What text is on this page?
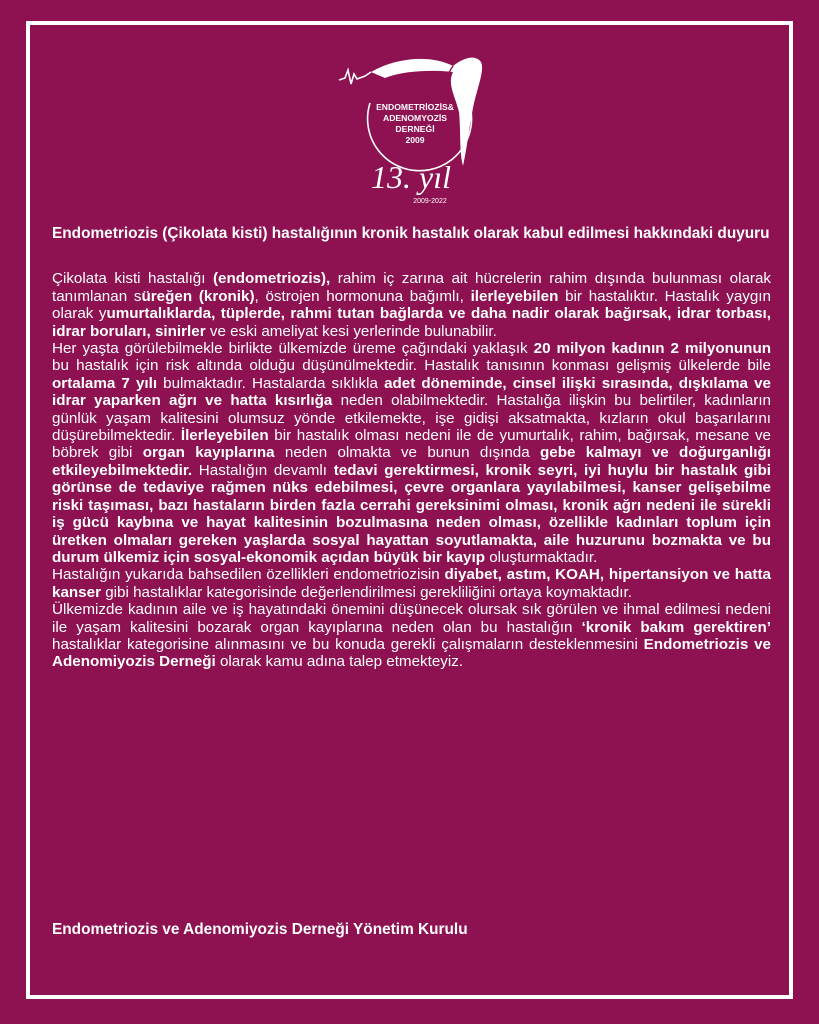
ENDOMETRİOZİS&
ADENOMYOZİS
DERNEĞİ
2009
13. yıl
2009-2022
Endometriozis (Çikolata kisti) hastalığının kronik hastalık olarak kabul edilmesi hakkındaki duyuru
Çikolata kisti hastalığı (endometriozis), rahim iç zarına ait hücrelerin rahim dışında bulunması olarak tanımlanan süreğen (kronik), östrojen hormonuna bağımlı, ilerleyebilen bir hastalıktır. Hastalık yaygın olarak yumurtalıklarda, tüplerde, rahmi tutan bağlarda ve daha nadir olarak bağırsak, idrar torbası, idrar boruları, sinirler ve eski ameliyat kesi yerlerinde bulunabilir.
Her yaşta görülebilmekle birlikte ülkemizde üreme çağındaki yaklaşık 20 milyon kadının 2 milyonunun bu hastalık için risk altında olduğu düşünülmektedir. Hastalık tanısının konması gelişmiş ülkelerde bile ortalama 7 yılı bulmaktadır. Hastalarda sıklıkla adet döneminde, cinsel ilişki sırasında, dışkılama ve idrar yaparken ağrı ve hatta kısırlığa neden olabilmektedir. Hastalığa ilişkin bu belirtiler, kadınların günlük yaşam kalitesini olumsuz yönde etkilemekte, işe gidişi aksatmakta, kızların okul başarılarını düşürebilmektedir. İlerleyebilen bir hastalık olması nedeni ile de yumurtalık, rahim, bağırsak, mesane ve böbrek gibi organ kayıplarına neden olmakta ve bunun dışında gebe kalmayı ve doğurganlığı etkileyebilmektedir. Hastalığın devamlı tedavi gerektirmesi, kronik seyri, iyi huylu bir hastalık gibi görünse de tedaviye rağmen nüks edebilmesi, çevre organlara yayılabilmesi, kanser gelişebilme riski taşıması, bazı hastaların birden fazla cerrahi gereksinimi olması, kronik ağrı nedeni ile sürekli iş gücü kaybına ve hayat kalitesinin bozulmasına neden olması, özellikle kadınları toplum için üretken olmaları gereken yaşlarda sosyal hayattan soyutlamakta, aile huzurunu bozmakta ve bu durum ülkemiz için sosyal-ekonomik açıdan büyük bir kayıp oluşturmaktadır.
Hastalığın yukarıda bahsedilen özellikleri endometriozisin diyabet, astım, KOAH, hipertansiyon ve hatta kanser gibi hastalıklar kategorisinde değerlendirilmesi gerekliliğini ortaya koymaktadır.
Ülkemizde kadının aile ve iş hayatındaki önemini düşünecek olursak sık görülen ve ihmal edilmesi nedeni ile yaşam kalitesini bozarak organ kayıplarına neden olan bu hastalığın ‘kronik bakım gerektiren’ hastalıklar kategorisine alınmasını ve bu konuda gerekli çalışmaların desteklenmesini Endometriozis ve Adenomiyozis Derneği olarak kamu adına talep etmekteyiz.
Endometriozis ve Adenomiyozis Derneği Yönetim Kurulu
